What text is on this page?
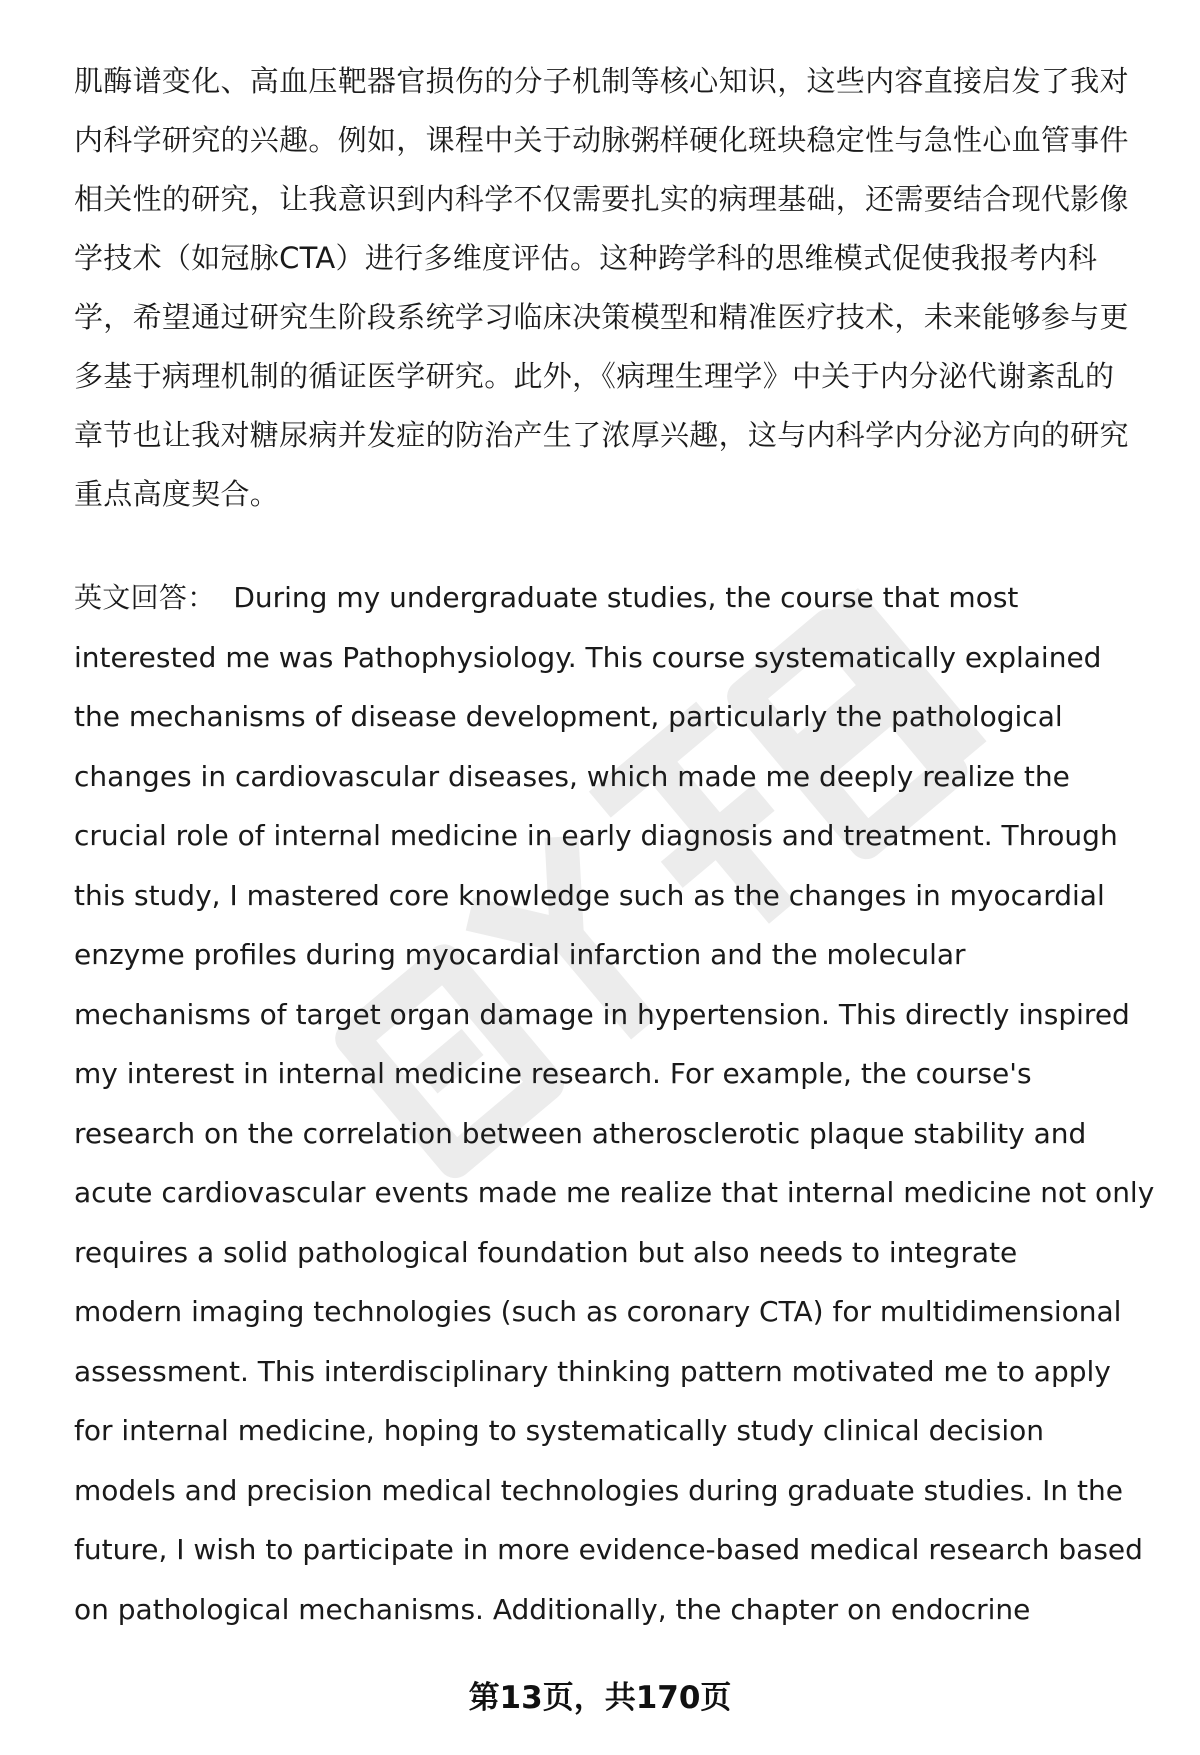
肌酶谱变化、高血压靶器官损伤的分子机制等核心知识，这些内容直接启发了我对
内科学研究的兴趣。例如，课程中关于动脉粥样硬化斑块稳定性与急性心血管事件
相关性的研究，让我意识到内科学不仅需要扎实的病理基础，还需要结合现代影像
学技术（如冠脉CTA）进行多维度评估。这种跨学科的思维模式促使我报考内科
学，希望通过研究生阶段系统学习临床决策模型和精准医疗技术，未来能够参与更
多基于病理机制的循证医学研究。此外，《病理生理学》中关于内分泌代谢紊乱的
章节也让我对糖尿病并发症的防治产生了浓厚兴趣，这与内科学内分泌方向的研究
重点高度契合。
英文回答： During my undergraduate studies, the course that most
interested me was Pathophysiology. This course systematically explained
the mechanisms of disease development, particularly the pathological
changes in cardiovascular diseases, which made me deeply realize the
crucial role of internal medicine in early diagnosis and treatment. Through
this study, I mastered core knowledge such as the changes in myocardial
enzyme profiles during myocardial infarction and the molecular
mechanisms of target organ damage in hypertension. This directly inspired
my interest in internal medicine research. For example, the course's
research on the correlation between atherosclerotic plaque stability and
acute cardiovascular events made me realize that internal medicine not only
requires a solid pathological foundation but also needs to integrate
modern imaging technologies (such as coronary CTA) for multidimensional
assessment. This interdisciplinary thinking pattern motivated me to apply
for internal medicine, hoping to systematically study clinical decision
models and precision medical technologies during graduate studies. In the
future, I wish to participate in more evidence-based medical research based
on pathological mechanisms. Additionally, the chapter on endocrine
第13页，共170页
